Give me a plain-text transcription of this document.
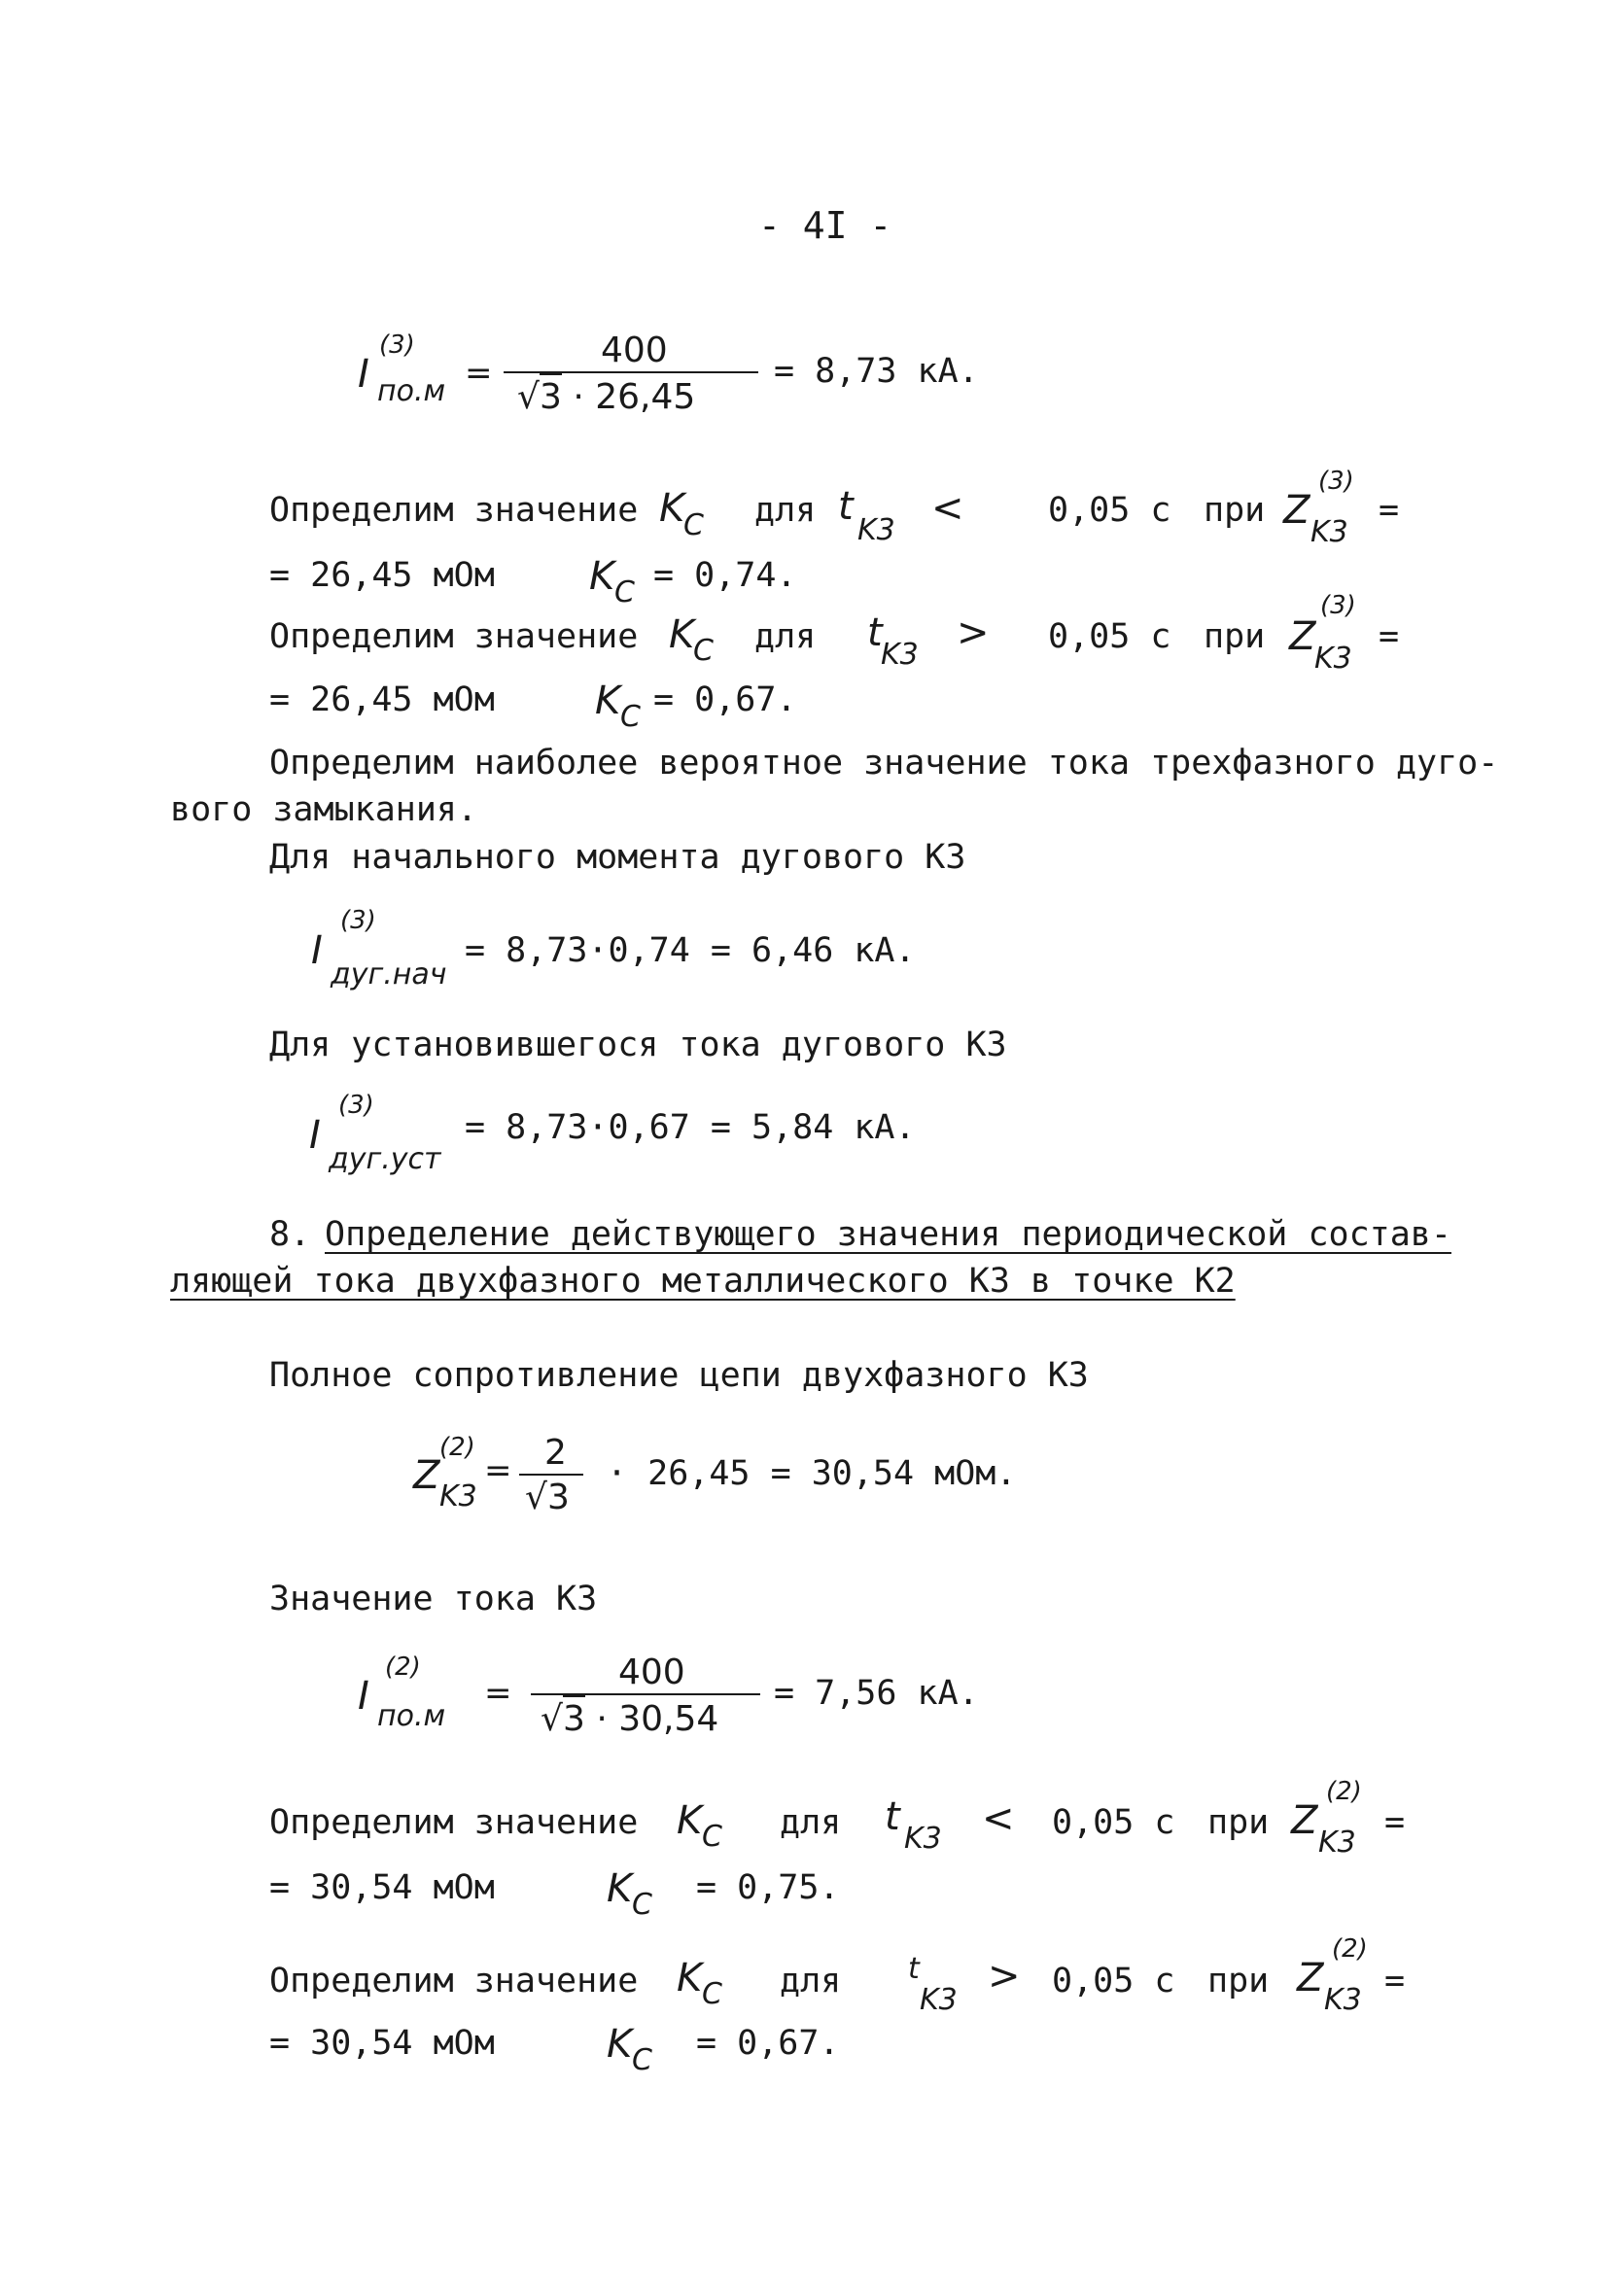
- 4I -
I
(3)
по.м =
400
√3 · 26,45
= 8,73 кА.
Определим значение K
C для t
K3 < 0,05 с при Z
(3)
K3
=
= 26,45 мОм K C = 0,74.
Определим значение K
C для t
K3 > 0,05 с при Z
(3)
K3
=
= 26,45 мОм	K C = 0,67.
Определим наиболее вероятное значение тока трехфазного дуго-
вого замыкания.
Для начального момента дугового КЗ
I
(3)
дуг.нач
= 8,73·0,74 = 6,46 кА.
Для установившегося тока дугового КЗ
I
(3)
дуг.уст
= 8,73·0,67 = 5,84 кА.
8. Определение действующего значения периодической состав-
ляющей тока двухфазного металлического КЗ в точке К2
Полное сопротивление цепи двухфазного КЗ
Z
(2)
K3
= 2
√3
· 26,45 = 30,54 мОм.
Значение тока КЗ
I
(2)
по.м
=
400
√3 · 30,54
= 7,56 кА.
Определим значение K C для t K3 < 0,05 с при Z
(2)
K3
=
= 30,54 мОм	K C = 0,75.
Определим значение K C для t
K3
> 0,05 с при Z
(2)
K3 =
= 30,54 мОм	K C = 0,67.
